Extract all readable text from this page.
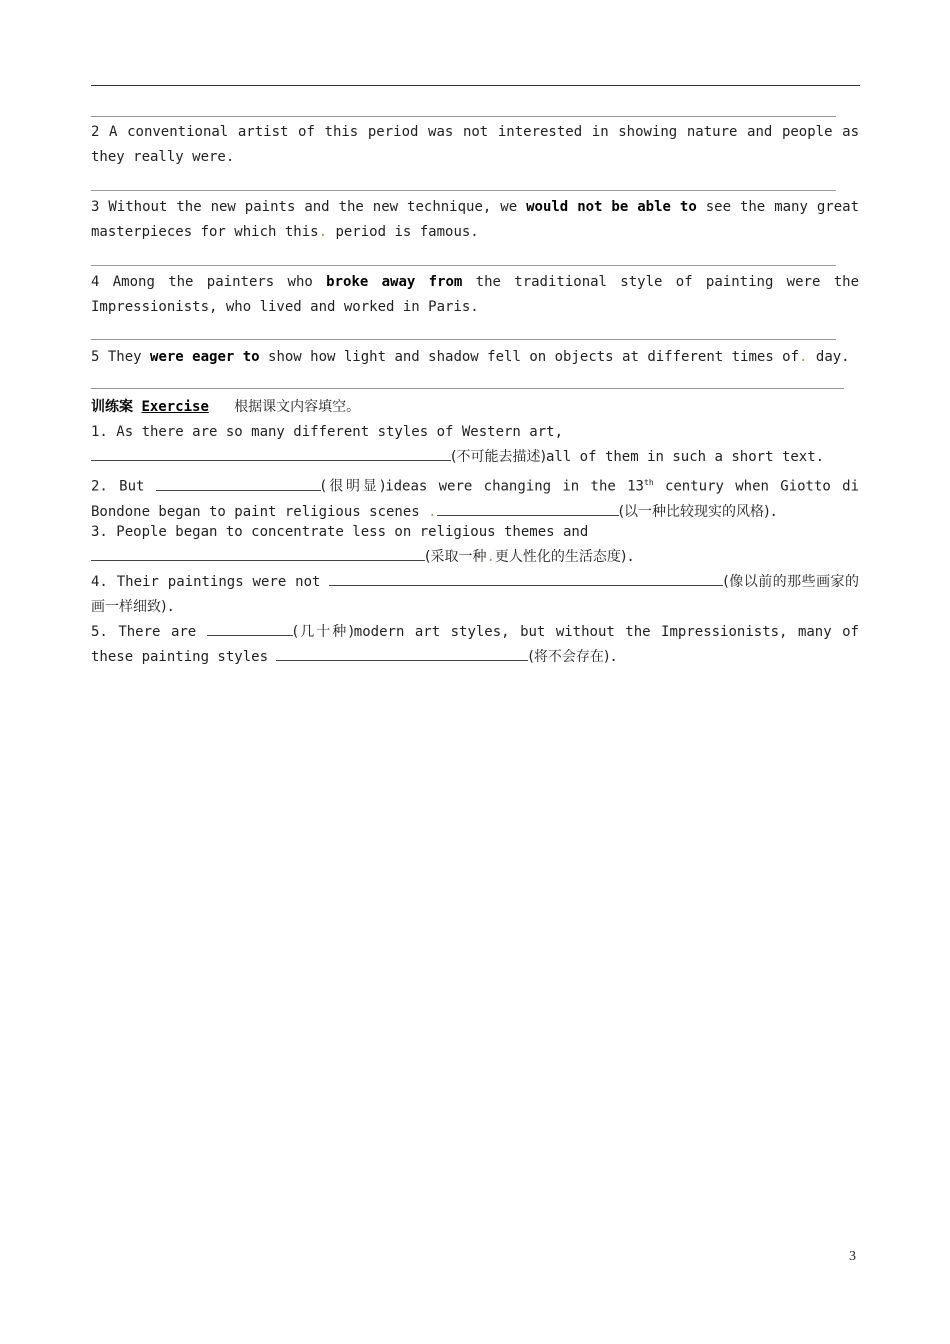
2 A conventional artist of this period was not interested in showing nature and people as they really were.
3 Without the new paints and the new technique, we would not be able to see the many great masterpieces for which this. period is famous.
4 Among the painters who broke away from the traditional style of painting were the Impressionists, who lived and worked in Paris.
5 They were eager to show how light and shadow fell on objects at different times of. day.
训练案 Exercise 根据课文内容填空。
1. As there are so many different styles of Western art,
(不可能去描述)all of them in such a short text.
2. But	(很明显)ideas were changing in the 13th century when Giotto di Bondone began to paint religious scenes .	(以一种比较现实的风格).
3. People began to concentrate less on religious themes and
(采取一种.更人性化的生活态度).
4. Their paintings were not	(像以前的那些画家的画一样细致).
5. There are	(几十种)modern art styles, but without the Impressionists, many of these painting styles	(将不会存在).
3
